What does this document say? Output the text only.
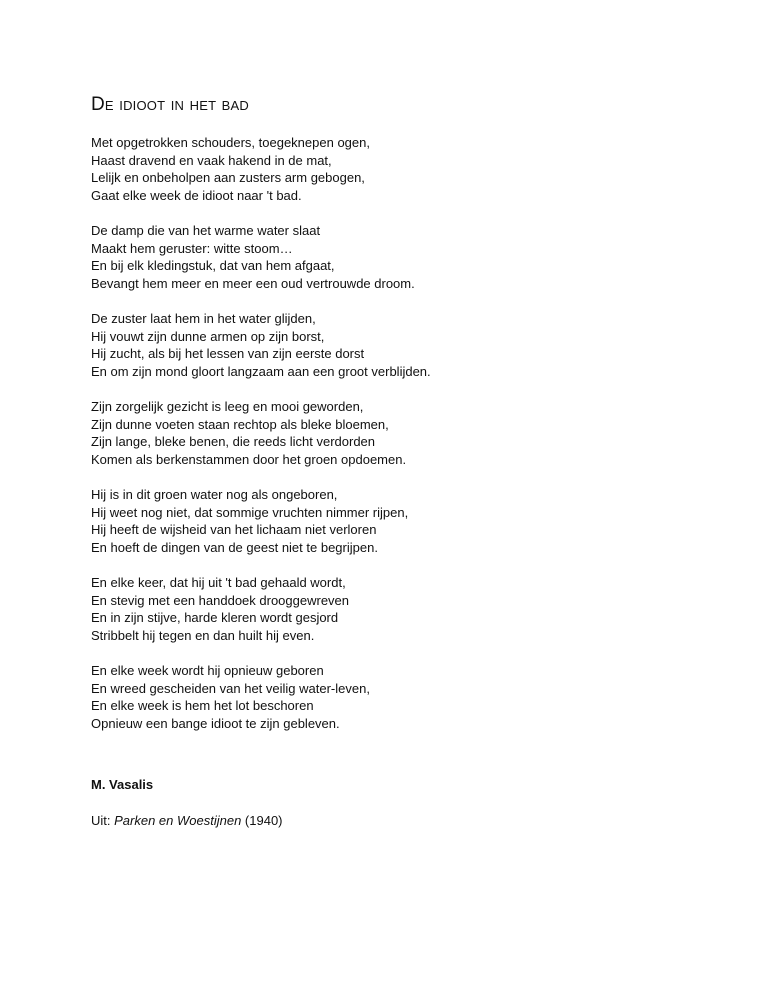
De idioot in het bad
Met opgetrokken schouders, toegeknepen ogen,
Haast dravend en vaak hakend in de mat,
Lelijk en onbeholpen aan zusters arm gebogen,
Gaat elke week de idioot naar 't bad.
De damp die van het warme water slaat
Maakt hem geruster: witte stoom…
En bij elk kledingstuk, dat van hem afgaat,
Bevangt hem meer en meer een oud vertrouwde droom.
De zuster laat hem in het water glijden,
Hij vouwt zijn dunne armen op zijn borst,
Hij zucht, als bij het lessen van zijn eerste dorst
En om zijn mond gloort langzaam aan een groot verblijden.
Zijn zorgelijk gezicht is leeg en mooi geworden,
Zijn dunne voeten staan rechtop als bleke bloemen,
Zijn lange, bleke benen, die reeds licht verdorden
Komen als berkenstammen door het groen opdoemen.
Hij is in dit groen water nog als ongeboren,
Hij weet nog niet, dat sommige vruchten nimmer rijpen,
Hij heeft de wijsheid van het lichaam niet verloren
En hoeft de dingen van de geest niet te begrijpen.
En elke keer, dat hij uit 't bad gehaald wordt,
En stevig met een handdoek drooggewreven
En in zijn stijve, harde kleren wordt gesjord
Stribbelt hij tegen en dan huilt hij even.
En elke week wordt hij opnieuw geboren
En wreed gescheiden van het veilig water-leven,
En elke week is hem het lot beschoren
Opnieuw een bange idioot te zijn gebleven.
M. Vasalis
Uit: Parken en Woestijnen (1940)
